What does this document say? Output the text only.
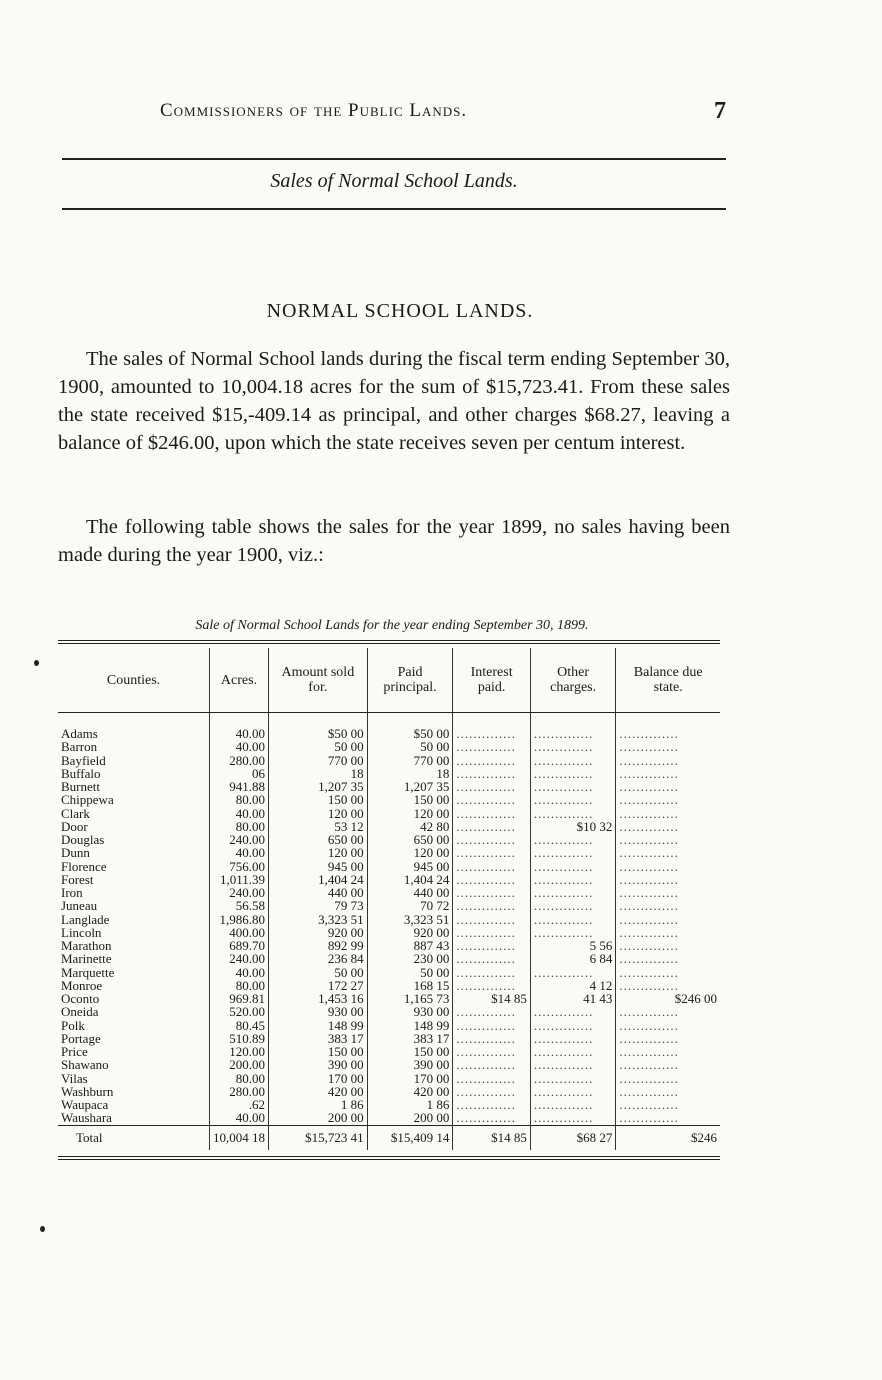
Commissioners of the Public Lands.	7
Sales of Normal School Lands.
NORMAL SCHOOL LANDS.

The sales of Normal School lands during the fiscal term ending September 30, 1900, amounted to 10,004.18 acres for the sum of $15,723.41. From these sales the state received $15,-409.14 as principal, and other charges $68.27, leaving a balance of $246.00, upon which the state receives seven per centum interest.

The following table shows the sales for the year 1899, no sales having been made during the year 1900, viz.:

Sale of Normal School Lands for the year ending September 30, 1899.
Counties.	Acres.	Amount sold for.	Paid principal.	Interest paid.	Other charges.	Balance due state.

Adams	40.00	$50 00	$50 00	..............	..............	..............
Barron	40.00	50 00	50 00	..............	..............	..............
Bayfield	280.00	770 00	770 00	..............	..............	..............
Buffalo	06	18	18	..............	..............	..............
Burnett	941.88	1,207 35	1,207 35	..............	..............	..............
Chippewa	80.00	150 00	150 00	..............	..............	..............
Clark	40.00	120 00	120 00	..............	..............	..............
Door	80.00	53 12	42 80	..............	$10 32	..............
Douglas	240.00	650 00	650 00	..............	..............	..............
Dunn	40.00	120 00	120 00	..............	..............	..............
Florence	756.00	945 00	945 00	..............	..............	..............
Forest	1,011.39	1,404 24	1,404 24	..............	..............	..............
Iron	240.00	440 00	440 00	..............	..............	..............
Juneau	56.58	79 73	70 72	..............	..............	..............
Langlade	1,986.80	3,323 51	3,323 51	..............	..............	..............
Lincoln	400.00	920 00	920 00	..............	..............	..............
Marathon	689.70	892 99	887 43	..............	5 56	..............
Marinette	240.00	236 84	230 00	..............	6 84	..............
Marquette	40.00	50 00	50 00	..............	..............	..............
Monroe	80.00	172 27	168 15	..............	4 12	..............
Oconto	969.81	1,453 16	1,165 73	$14 85	41 43	$246 00
Oneida	520.00	930 00	930 00	..............	..............	..............
Polk	80.45	148 99	148 99	..............	..............	..............
Portage	510.89	383 17	383 17	..............	..............	..............
Price	120.00	150 00	150 00	..............	..............	..............
Shawano	200.00	390 00	390 00	..............	..............	..............
Vilas	80.00	170 00	170 00	..............	..............	..............
Washburn	280.00	420 00	420 00	..............	..............	..............
Waupaca	.62	1 86	1 86	..............	..............	..............
Waushara	40.00	200 00	200 00	..............	..............	..............
Total	10,004 18	$15,723 41	$15,409 14	$14 85	$68 27	$246
